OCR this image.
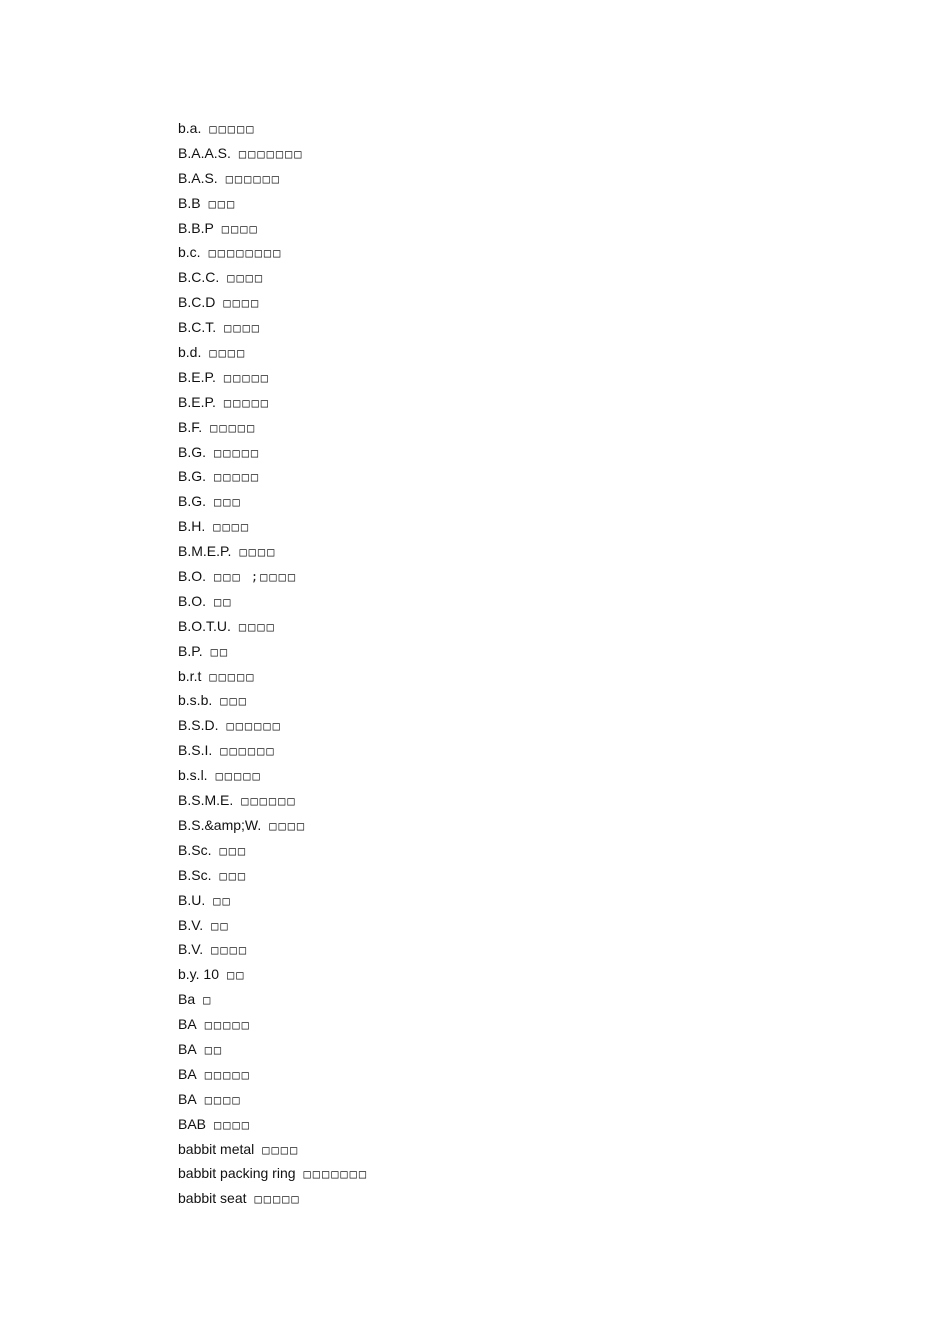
b.a. □□□□□
B.A.A.S. □□□□□□□
B.A.S. □□□□□□
B.B □□□
B.B.P □□□□
b.c. □□□□□□□□
B.C.C. □□□□
B.C.D □□□□
B.C.T. □□□□
b.d. □□□□
B.E.P. □□□□□
B.E.P. □□□□□
B.F. □□□□□
B.G. □□□□□
B.G. □□□□□
B.G. □□□
B.H. □□□□
B.M.E.P. □□□□
B.O. □□□ ;□□□□
B.O. □□
B.O.T.U. □□□□
B.P. □□
b.r.t □□□□□
b.s.b. □□□
B.S.D. □□□□□□
B.S.I. □□□□□□
b.s.l. □□□□□
B.S.M.E. □□□□□□
B.S.&amp;W. □□□□
B.Sc. □□□
B.Sc. □□□
B.U. □□
B.V. □□
B.V. □□□□
b.y. 10 □□
Ba □
BA □□□□□
BA □□
BA □□□□□
BA □□□□
BAB □□□□
babbit metal □□□□
babbit packing ring □□□□□□□
babbit seat □□□□□
